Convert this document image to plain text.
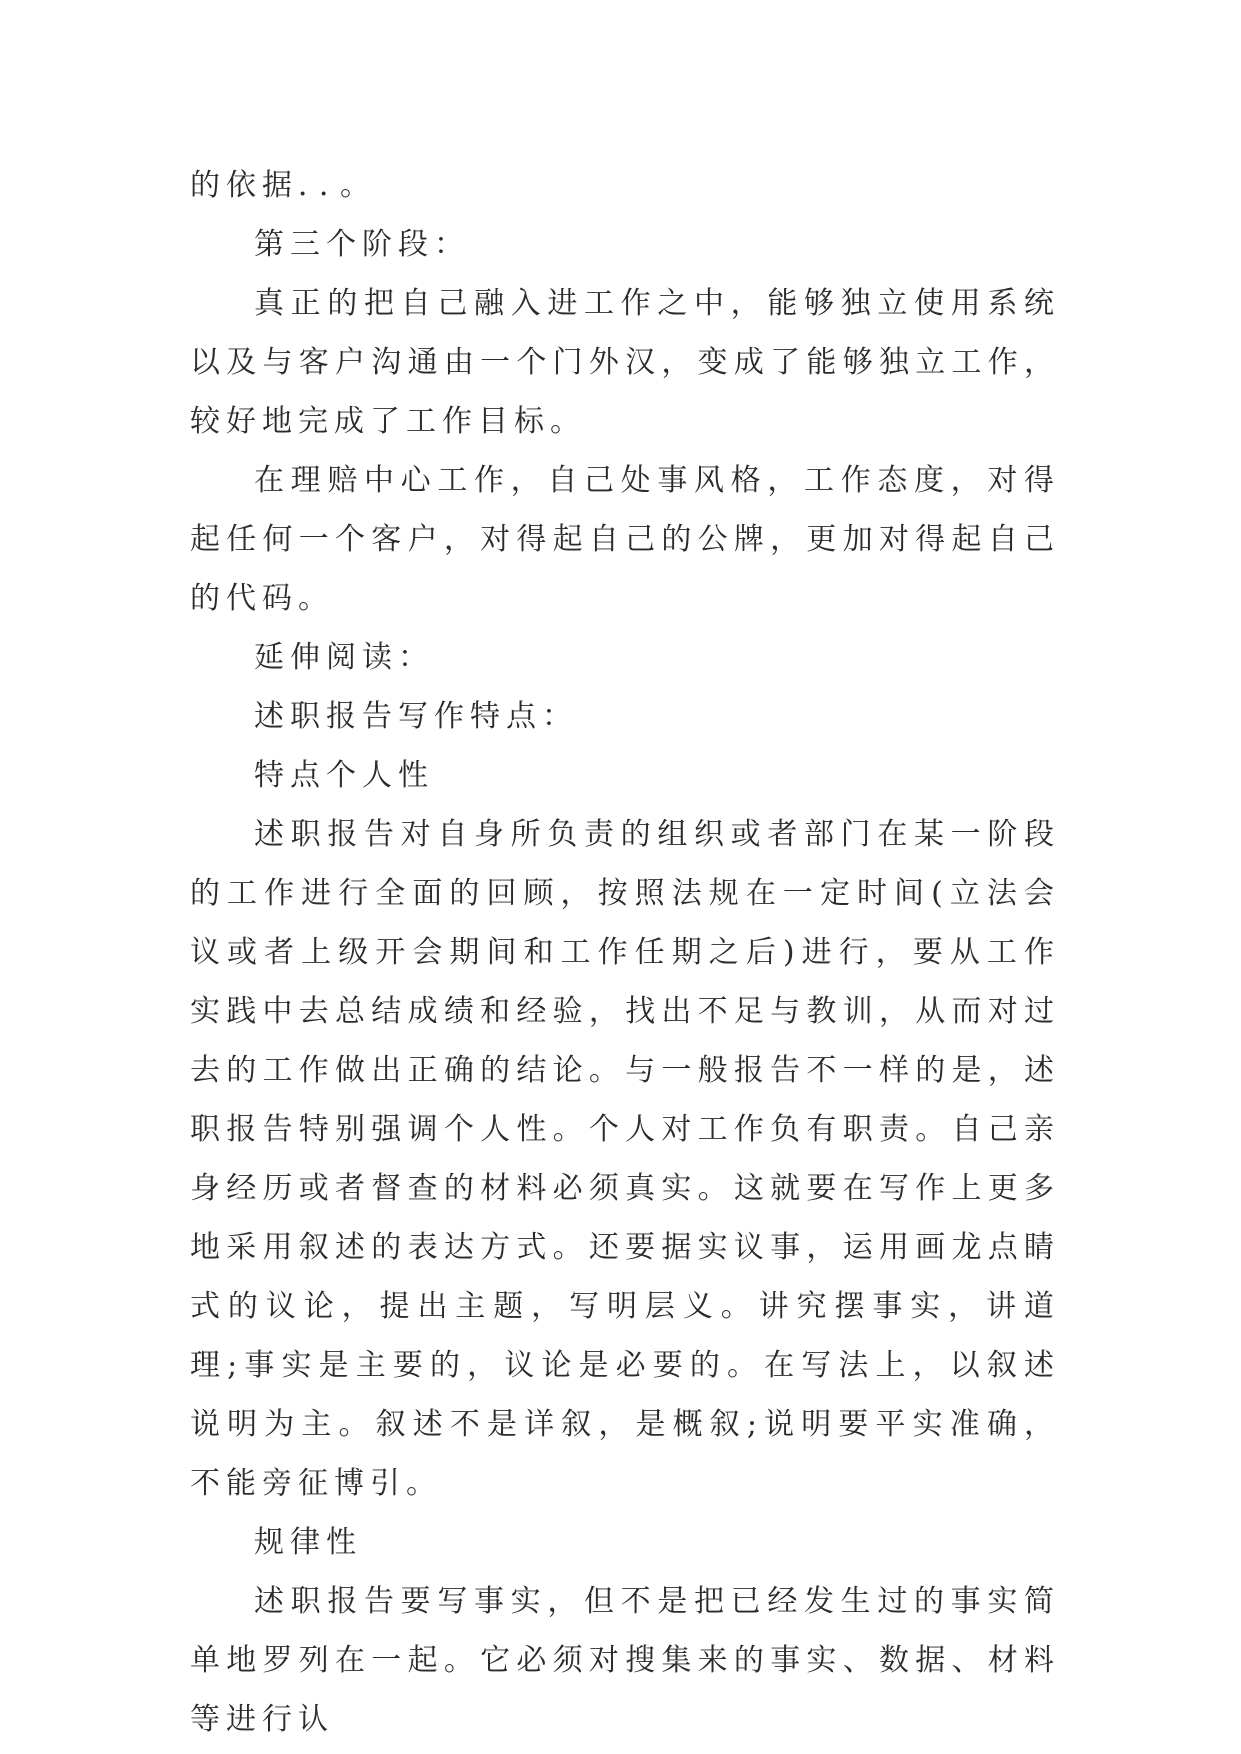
的依据．．。

第三个阶段：

真正的把自己融入进工作之中，能够独立使用系统以及与客户沟通由一个门外汉，变成了能够独立工作，较好地完成了工作目标。

在理赔中心工作，自己处事风格，工作态度，对得起任何一个客户，对得起自己的公牌，更加对得起自己的代码。

延伸阅读：

述职报告写作特点：

特点个人性

述职报告对自身所负责的组织或者部门在某一阶段的工作进行全面的回顾，按照法规在一定时间(立法会议或者上级开会期间和工作任期之后)进行，要从工作实践中去总结成绩和经验，找出不足与教训，从而对过去的工作做出正确的结论。与一般报告不一样的是，述职报告特别强调个人性。个人对工作负有职责。自己亲身经历或者督查的材料必须真实。这就要在写作上更多地采用叙述的表达方式。还要据实议事，运用画龙点睛式的议论，提出主题，写明层义。讲究摆事实，讲道理;事实是主要的，议论是必要的。在写法上，以叙述说明为主。叙述不是详叙，是概叙;说明要平实准确，不能旁征博引。

规律性

述职报告要写事实，但不是把已经发生过的事实简单地罗列在一起。它必须对搜集来的事实、数据、材料等进行认
